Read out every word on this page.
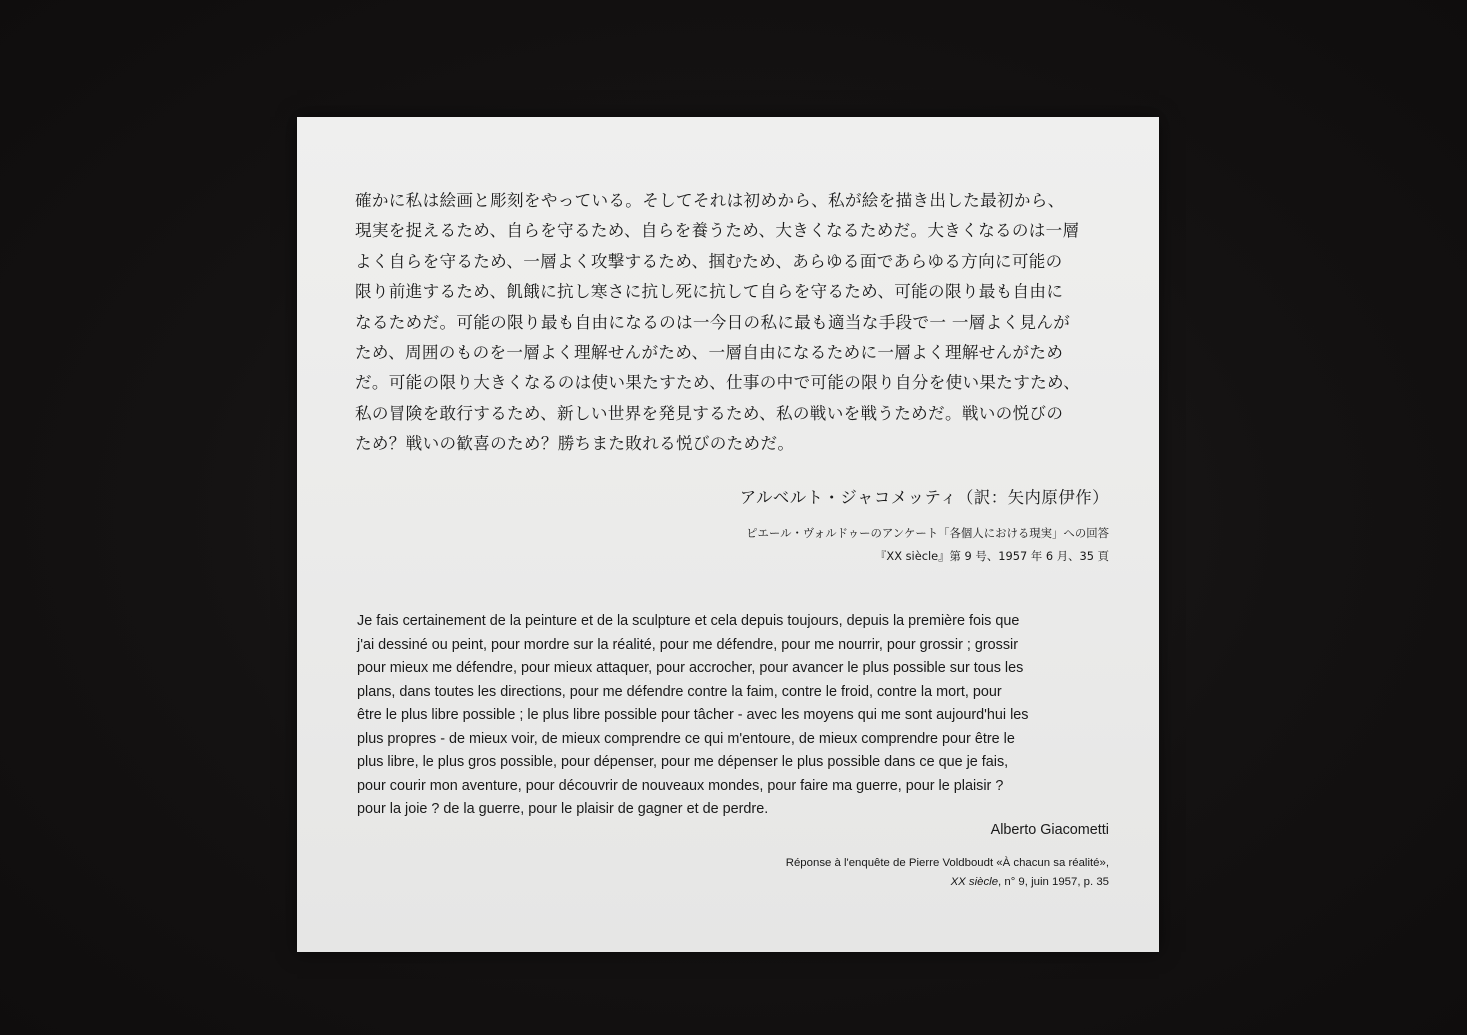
確かに私は絵画と彫刻をやっている。そしてそれは初めから、私が絵を描き出した最初から、
現実を捉えるため、自らを守るため、自らを養うため、大きくなるためだ。大きくなるのは一層
よく自らを守るため、一層よく攻撃するため、掴むため、あらゆる面であらゆる方向に可能の
限り前進するため、飢餓に抗し寒さに抗し死に抗して自らを守るため、可能の限り最も自由に
なるためだ。可能の限り最も自由になるのは一今日の私に最も適当な手段で一 一層よく見んが
ため、周囲のものを一層よく理解せんがため、一層自由になるために一層よく理解せんがため
だ。可能の限り大きくなるのは使い果たすため、仕事の中で可能の限り自分を使い果たすため、
私の冒険を敢行するため、新しい世界を発見するため、私の戦いを戦うためだ。戦いの悦びの
ため？戦いの歓喜のため？勝ちまた敗れる悦びのためだ。

アルベルト・ジャコメッティ（訳：矢内原伊作）

ピエール・ヴォルドゥーのアンケート「各個人における現実」への回答
『XX siècle』第 9 号、1957 年 6 月、35 頁

Je fais certainement de la peinture et de la sculpture et cela depuis toujours, depuis la première fois que
j'ai dessiné ou peint, pour mordre sur la réalité, pour me défendre, pour me nourrir, pour grossir ; grossir
pour mieux me défendre, pour mieux attaquer, pour accrocher, pour avancer le plus possible sur tous les
plans, dans toutes les directions, pour me défendre contre la faim, contre le froid, contre la mort, pour
être le plus libre possible ; le plus libre possible pour tâcher - avec les moyens qui me sont aujourd'hui les
plus propres - de mieux voir, de mieux comprendre ce qui m'entoure, de mieux comprendre pour être le
plus libre, le plus gros possible, pour dépenser, pour me dépenser le plus possible dans ce que je fais,
pour courir mon aventure, pour découvrir de nouveaux mondes, pour faire ma guerre, pour le plaisir ?
pour la joie ? de la guerre, pour le plaisir de gagner et de perdre.

Alberto Giacometti

Réponse à l'enquête de Pierre Voldboudt «À chacun sa réalité»,
XX siècle, n° 9, juin 1957, p. 35
